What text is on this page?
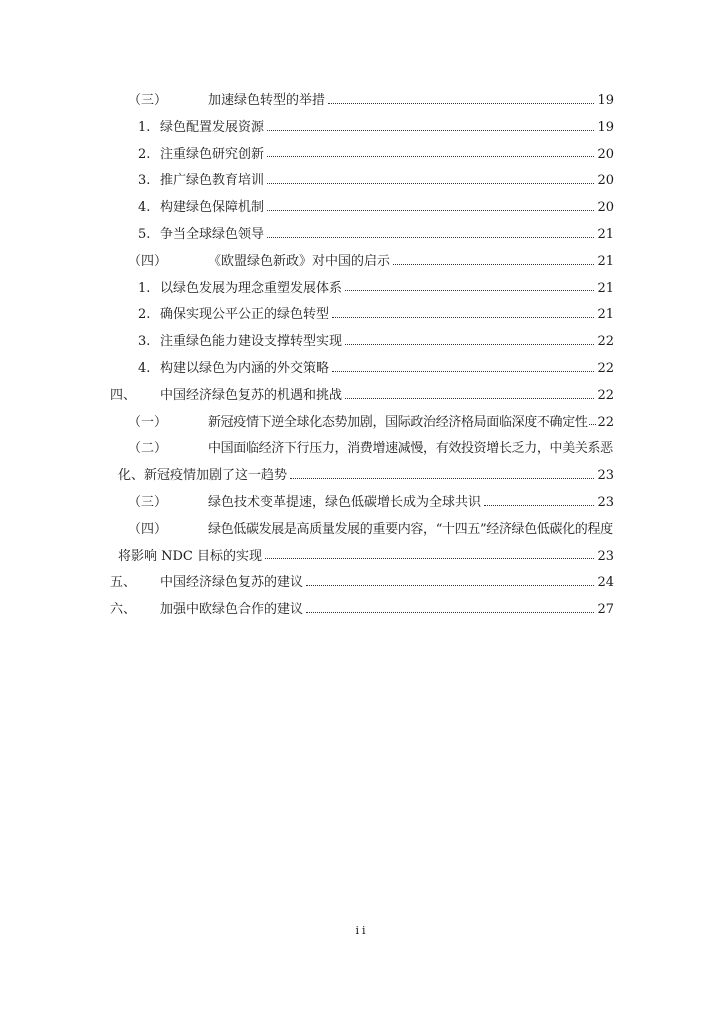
（三）	加速绿色转型的举措	19
1. 绿色配置发展资源	19
2. 注重绿色研究创新	20
3. 推广绿色教育培训	20
4. 构建绿色保障机制	20
5. 争当全球绿色领导	21
（四）	《欧盟绿色新政》对中国的启示	21
1. 以绿色发展为理念重塑发展体系	21
2. 确保实现公平公正的绿色转型	21
3. 注重绿色能力建设支撑转型实现	22
4. 构建以绿色为内涵的外交策略	22
四、	中国经济绿色复苏的机遇和挑战	22
（一）	新冠疫情下逆全球化态势加剧，国际政治经济格局面临深度不确定性 22
（二）	中国面临经济下行压力，消费增速减慢，有效投资增长乏力，中美关系恶
化、新冠疫情加剧了这一趋势	23
（三）	绿色技术变革提速，绿色低碳增长成为全球共识	23
（四）	绿色低碳发展是高质量发展的重要内容，“十四五”经济绿色低碳化的程度
将影响 NDC 目标的实现	23
五、	中国经济绿色复苏的建议	24
六、	加强中欧绿色合作的建议	27
ii
